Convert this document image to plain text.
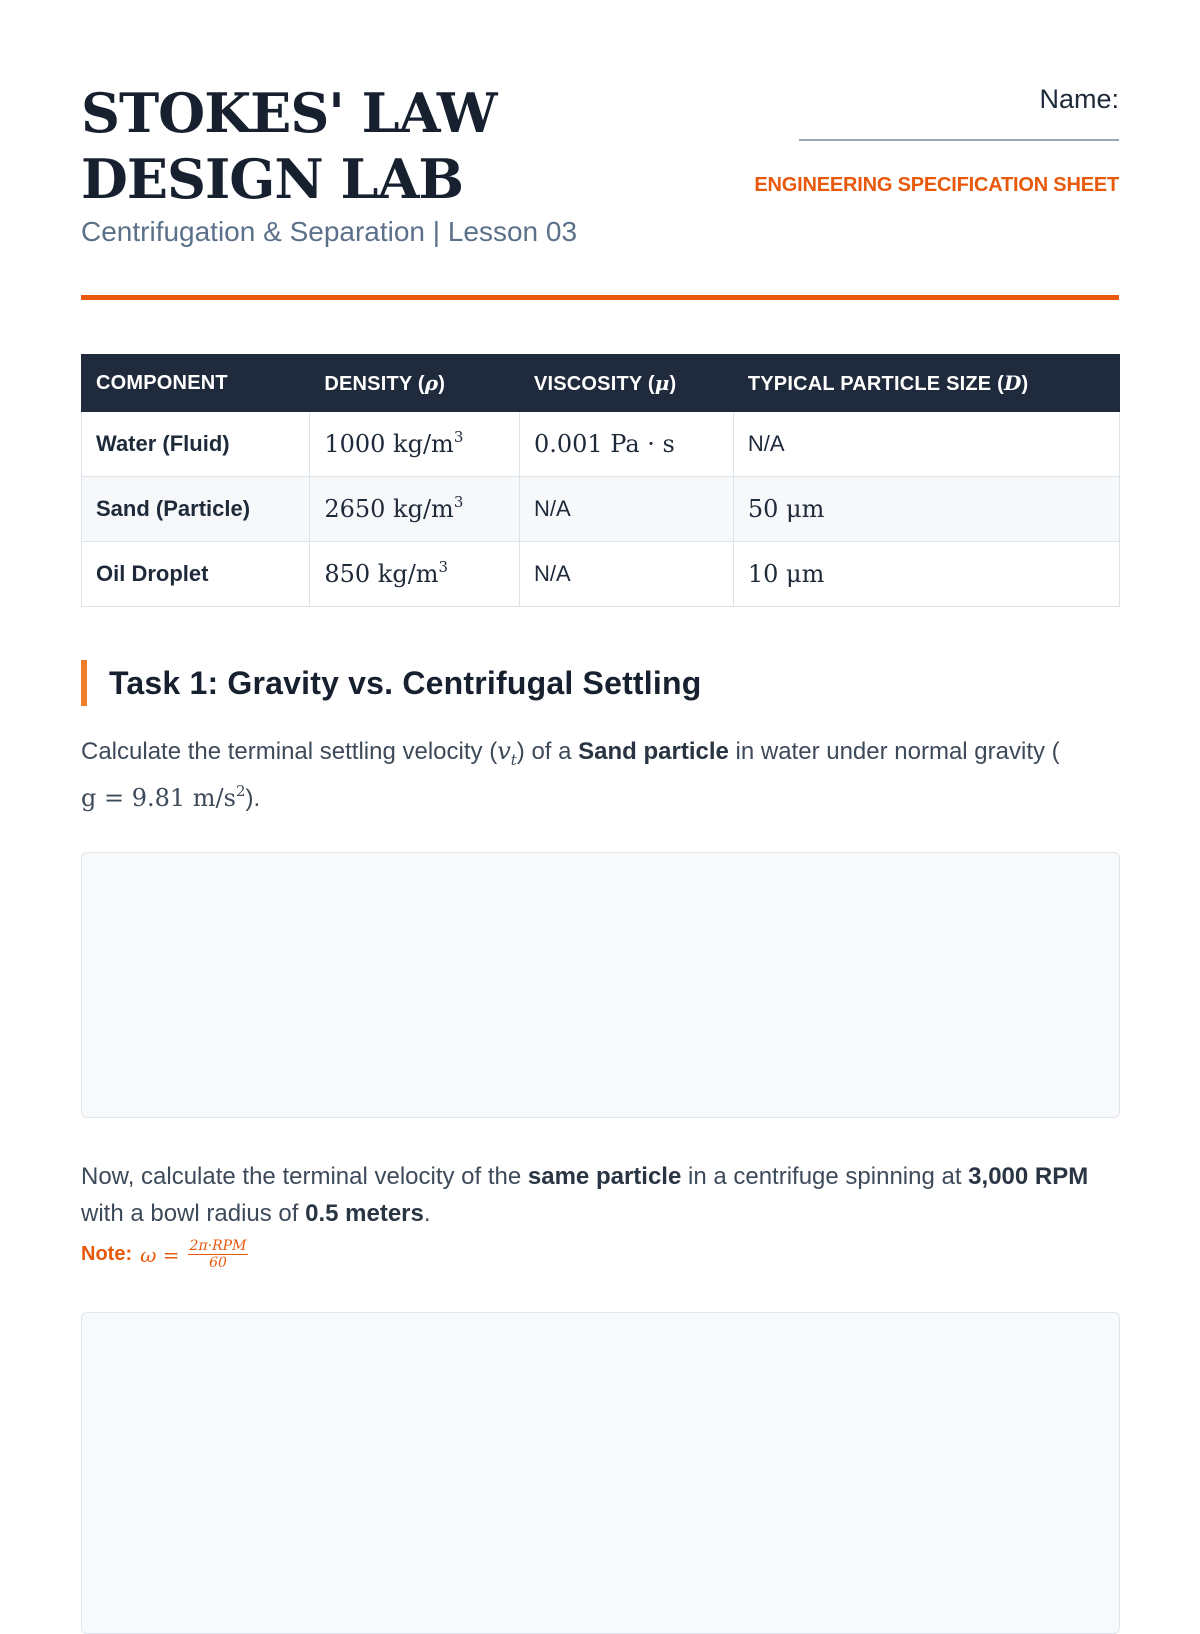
STOKES' LAW DESIGN LAB
Centrifugation & Separation | Lesson 03
Name:
ENGINEERING SPECIFICATION SHEET
COMPONENT	DENSITY (ρ)	VISCOSITY (μ)	TYPICAL PARTICLE SIZE (D)
Water (Fluid)	1000 $kg/m^3$	0.001 Pa · s	N/A
Sand (Particle)	2650 $kg/m^3$	N/A	50 μm
Oil Droplet	850 $kg/m^3$	N/A	10 μm
Task 1: Gravity vs. Centrifugal Settling
Calculate the terminal settling velocity $(v_t)$ of a Sand particle in water under normal gravity (
g = 9.81 $m/s^2$).
Now, calculate the terminal velocity of the same particle in a centrifuge spinning at 3,000 RPM with a bowl radius of 0.5 meters.
Note: $\omega = \frac{\text{2π·RPM}}{60}$
